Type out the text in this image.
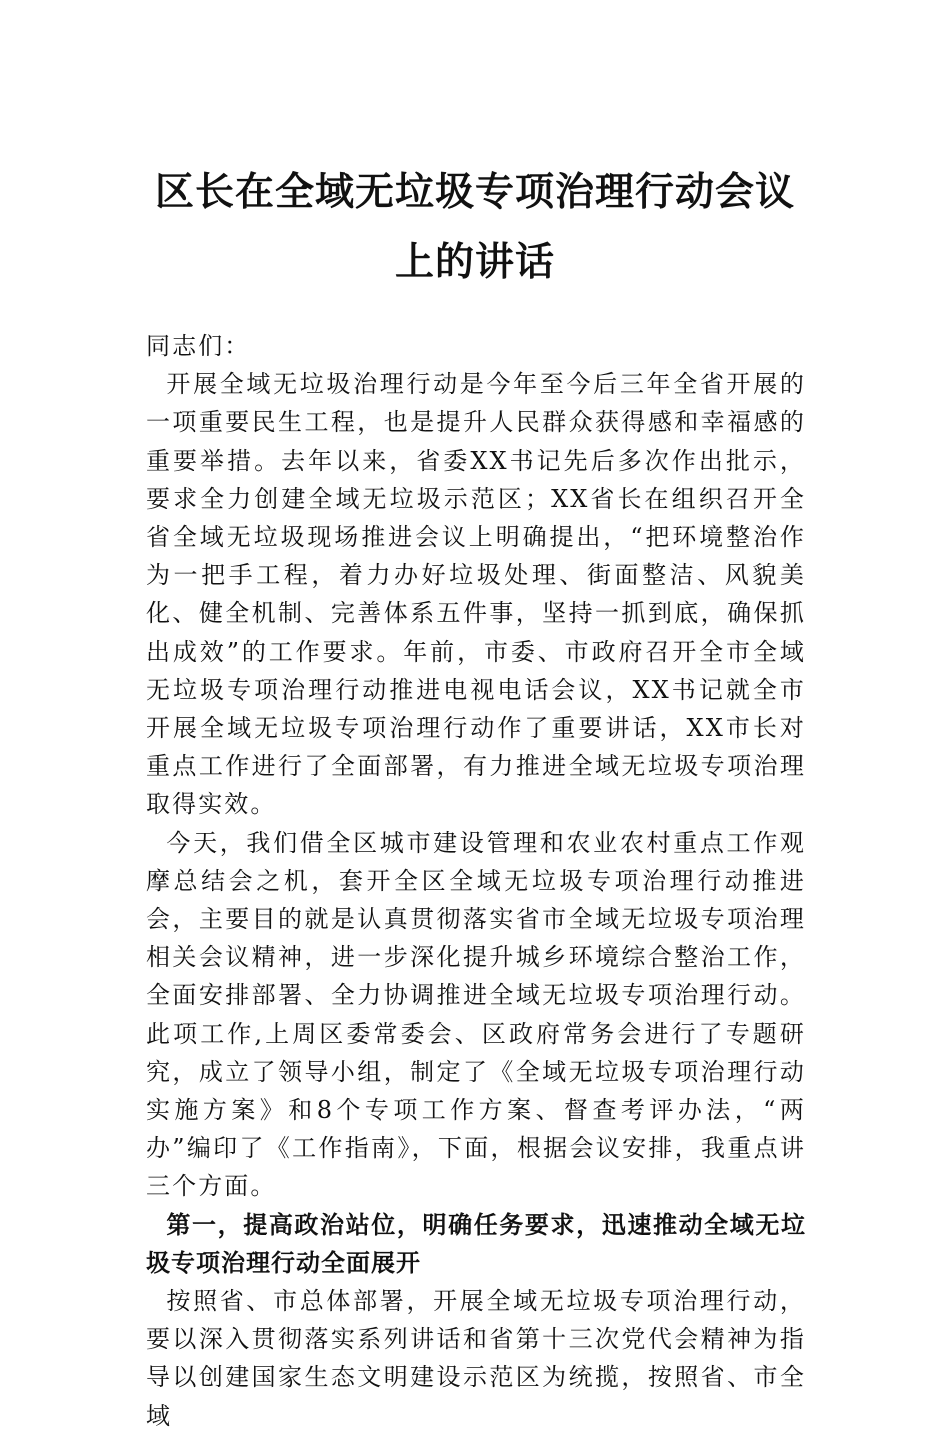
区长在全域无垃圾专项治理行动会议上的讲话

同志们：

开展全域无垃圾治理行动是今年至今后三年全省开展的一项重要民生工程，也是提升人民群众获得感和幸福感的重要举措。去年以来，省委XX书记先后多次作出批示，要求全力创建全域无垃圾示范区；XX省长在组织召开全省全域无垃圾现场推进会议上明确提出，“把环境整治作为一把手工程，着力办好垃圾处理、街面整洁、风貌美化、健全机制、完善体系五件事，坚持一抓到底，确保抓出成效”的工作要求。年前，市委、市政府召开全市全域无垃圾专项治理行动推进电视电话会议，XX书记就全市开展全域无垃圾专项治理行动作了重要讲话，XX市长对重点工作进行了全面部署，有力推进全域无垃圾专项治理取得实效。

今天，我们借全区城市建设管理和农业农村重点工作观摩总结会之机，套开全区全域无垃圾专项治理行动推进会，主要目的就是认真贯彻落实省市全域无垃圾专项治理相关会议精神，进一步深化提升城乡环境综合整治工作，全面安排部署、全力协调推进全域无垃圾专项治理行动。此项工作,上周区委常委会、区政府常务会进行了专题研究，成立了领导小组，制定了《全域无垃圾专项治理行动实施方案》和8个专项工作方案、督查考评办法，“两办”编印了《工作指南》，下面，根据会议安排，我重点讲三个方面。

第一，提高政治站位，明确任务要求，迅速推动全域无垃圾专项治理行动全面展开

按照省、市总体部署，开展全域无垃圾专项治理行动，要以深入贯彻落实系列讲话和省第十三次党代会精神为指导以创建国家生态文明建设示范区为统揽，按照省、市全域
